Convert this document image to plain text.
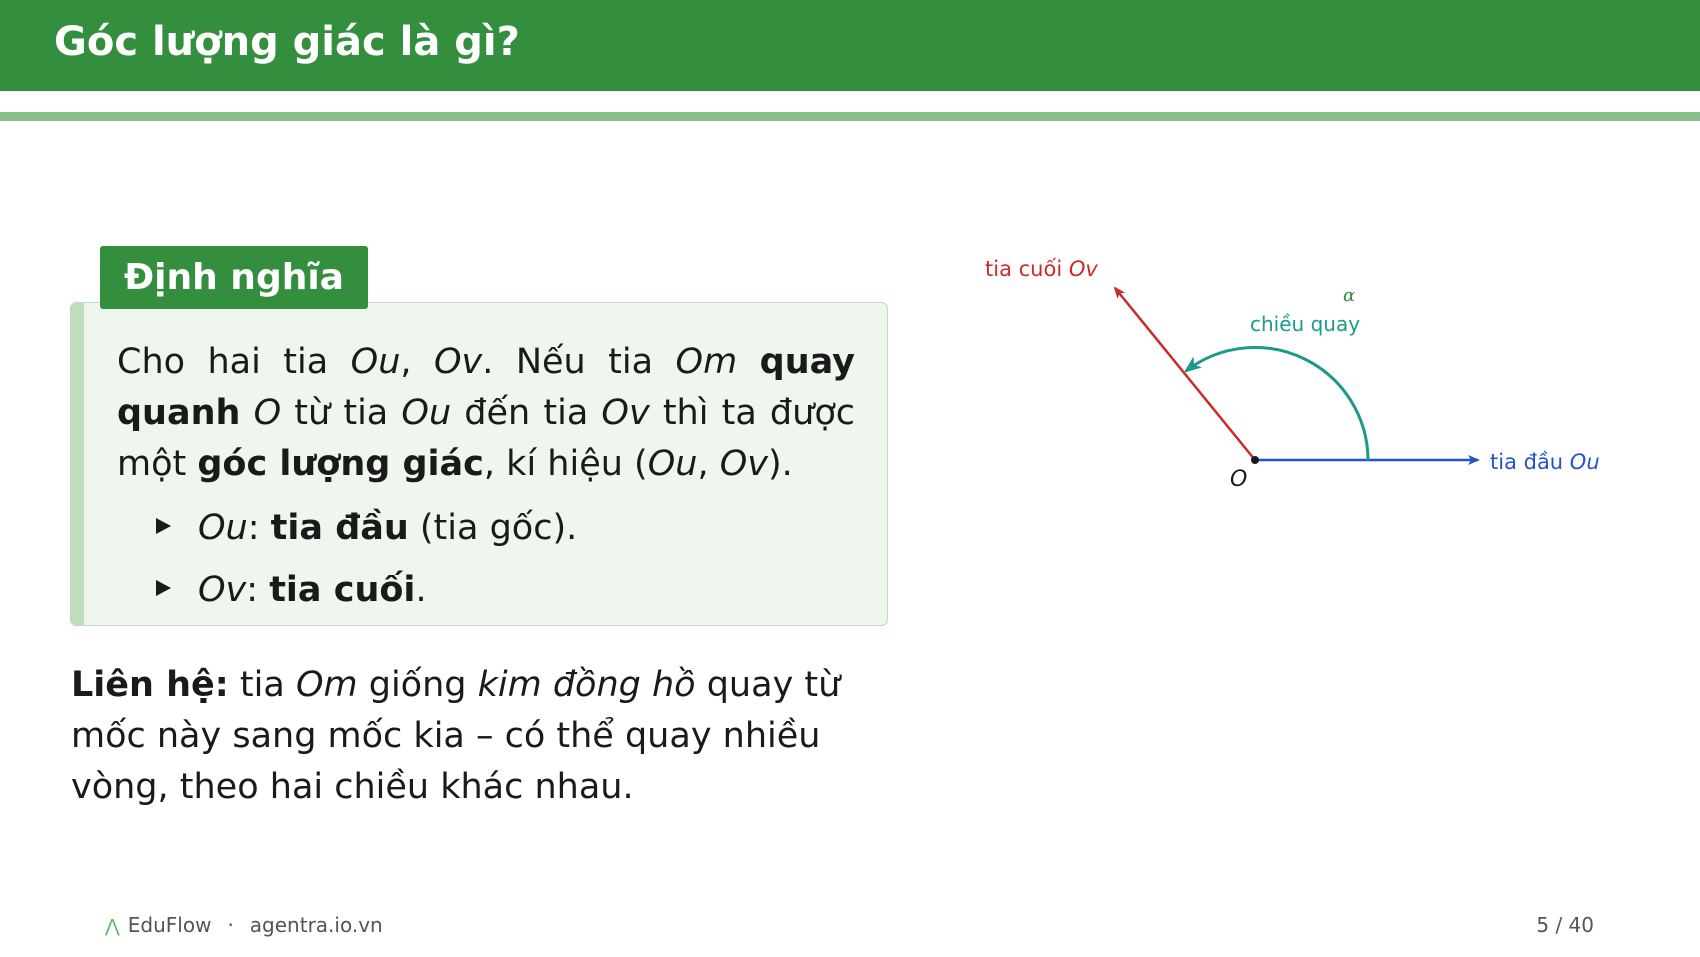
Góc lượng giác là gì?
Định nghĩa
Cho hai tia Ou, Ov. Nếu tia Om quay quanh O từ tia Ou đến tia Ov thì ta được một góc lượng giác, kí hiệu (Ou, Ov).
Ou: tia đầu (tia gốc).
Ov: tia cuối.
Liên hệ: tia Om giống kim đồng hồ quay từ mốc này sang mốc kia – có thể quay nhiều vòng, theo hai chiều khác nhau.
O
tia đầu Ou
tia cuối Ov
α
chiều quay
⋀ EduFlow · agentra.io.vn	5 / 40
